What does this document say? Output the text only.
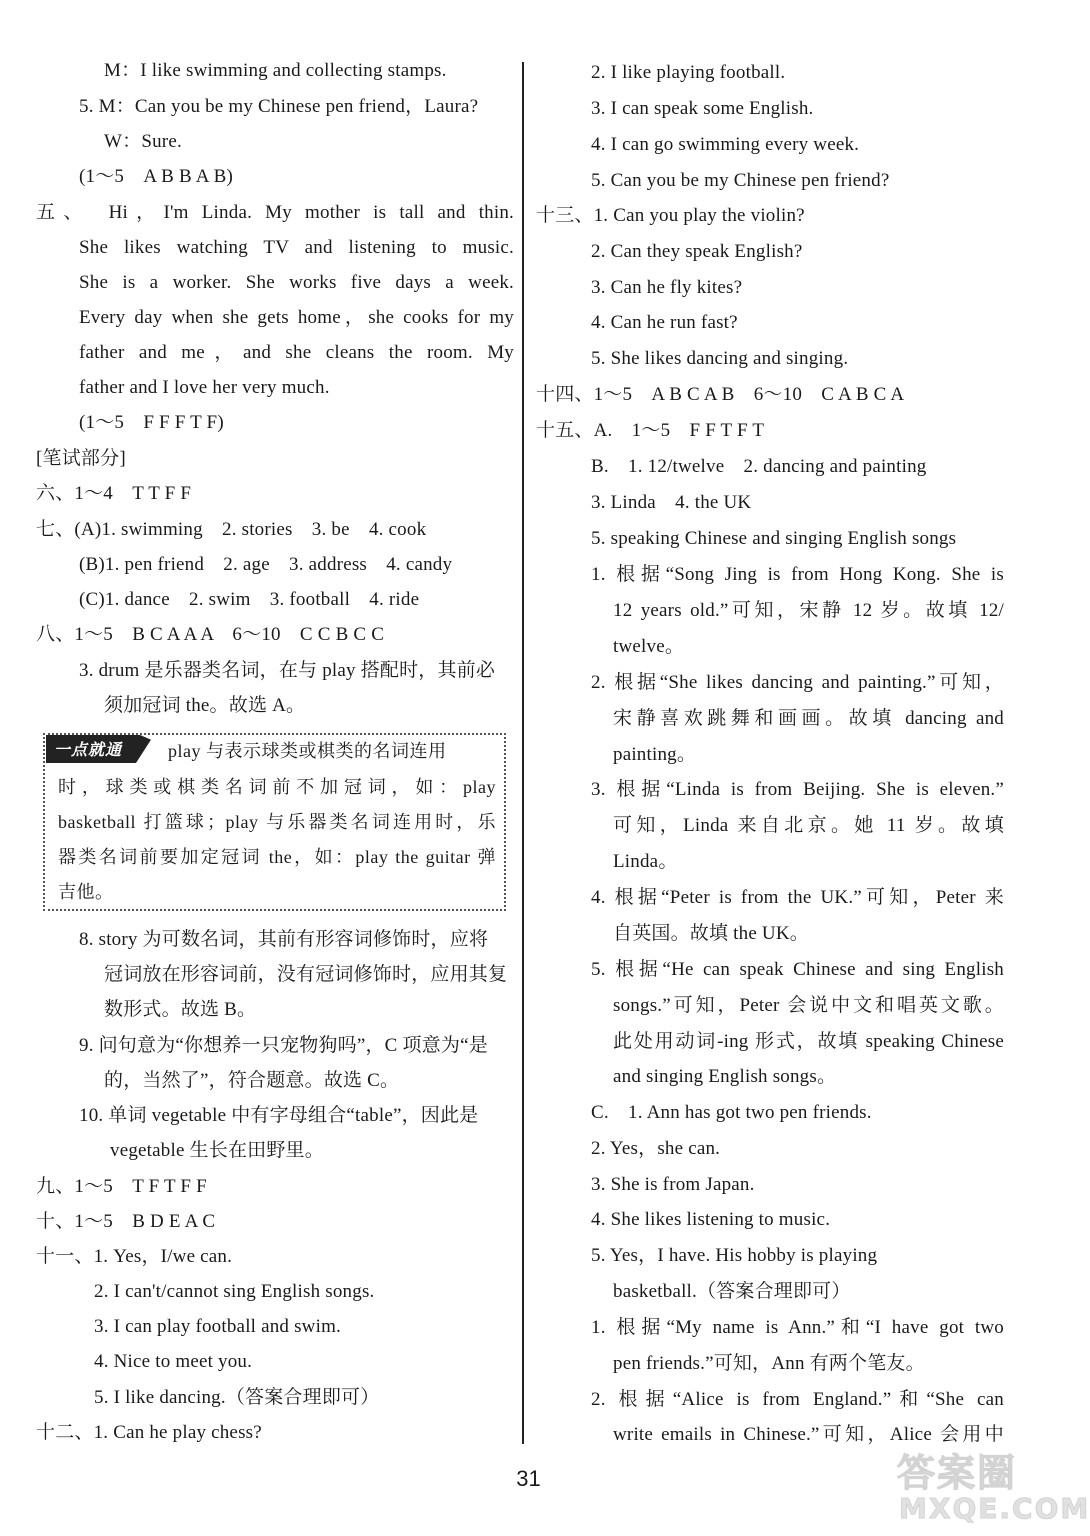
M：I like swimming and collecting stamps.
5. M：Can you be my Chinese pen friend，Laura?
W：Sure.
(1～5　A B B A B)
五、　Hi，I'm Linda. My mother is tall and thin.
She likes watching TV and listening to music.
She is a worker. She works five days a week.
Every day when she gets home，she cooks for my
father and me，and she cleans the room. My
father and I love her very much.
(1～5　F F F T F)
[笔试部分]
六、1～4　T T F F
七、(A)1. swimming　2. stories　3. be　4. cook
(B)1. pen friend　2. age　3. address　4. candy
(C)1. dance　2. swim　3. football　4. ride
八、1～5　B C A A A　6～10　C C B C C
3. drum 是乐器类名词，在与 play 搭配时，其前必
须加冠词 the。故选 A。
一点就通	play 与表示球类或棋类的名词连用
时，球类或棋类名词前不加冠词，如：play
basketball 打篮球；play 与乐器类名词连用时，乐
器类名词前要加定冠词 the，如：play the guitar 弹
吉他。
8. story 为可数名词，其前有形容词修饰时，应将
冠词放在形容词前，没有冠词修饰时，应用其复
数形式。故选 B。
9. 问句意为“你想养一只宠物狗吗”，C 项意为“是
的，当然了”，符合题意。故选 C。
10. 单词 vegetable 中有字母组合“table”，因此是
vegetable 生长在田野里。
九、1～5　T F T F F
十、1～5　B D E A C
十一、1. Yes，I/we can.
2. I can't/cannot sing English songs.
3. I can play football and swim.
4. Nice to meet you.
5. I like dancing.（答案合理即可）
十二、1. Can he play chess?
2. I like playing football.
3. I can speak some English.
4. I can go swimming every week.
5. Can you be my Chinese pen friend?
十三、1. Can you play the violin?
2. Can they speak English?
3. Can he fly kites?
4. Can he run fast?
5. She likes dancing and singing.
十四、1～5　A B C A B　6～10　C A B C A
十五、A.　1～5　F F T F T
B.　1. 12/twelve　2. dancing and painting
3. Linda　4. the UK
5. speaking Chinese and singing English songs
1. 根据“Song Jing is from Hong Kong. She is
12 years old.”可知，宋静 12 岁。故填 12/
twelve。
2. 根据“She likes dancing and painting.”可知，
宋静喜欢跳舞和画画。故填 dancing and
painting。
3. 根据“Linda is from Beijing. She is eleven.”
可知，Linda 来自北京。她 11 岁。故填
Linda。
4. 根据“Peter is from the UK.”可知，Peter 来
自英国。故填 the UK。
5. 根据“He can speak Chinese and sing English
songs.”可知，Peter 会说中文和唱英文歌。
此处用动词-ing 形式，故填 speaking Chinese
and singing English songs。
C.　1. Ann has got two pen friends.
2. Yes，she can.
3. She is from Japan.
4. She likes listening to music.
5. Yes，I have. His hobby is playing
basketball.（答案合理即可）
1. 根据“My name is Ann.”和“I have got two
pen friends.”可知，Ann 有两个笔友。
2. 根据“Alice is from England.”和“She can
write emails in Chinese.”可知，Alice 会用中
31	答案圈
MXQE.COM
